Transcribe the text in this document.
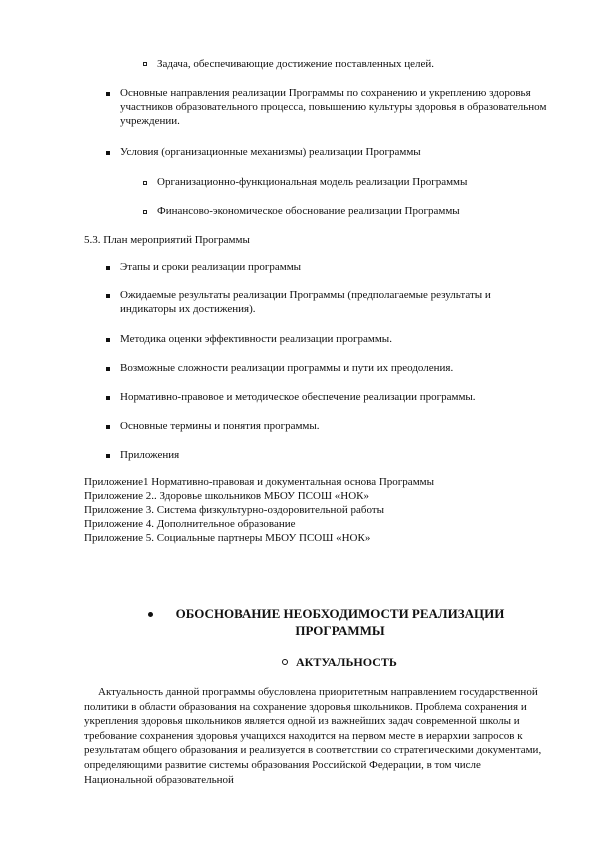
Задача, обеспечивающие достижение поставленных целей.
Основные направления реализации Программы по сохранению и укреплению здоровья участников образовательного процесса, повышению культуры здоровья в образовательном учреждении.
Условия (организационные механизмы) реализации Программы
Организационно-функциональная модель реализации Программы
Финансово-экономическое обоснование реализации Программы
5.3. План мероприятий Программы
Этапы и сроки реализации программы
Ожидаемые результаты реализации Программы (предполагаемые результаты и индикаторы их достижения).
Методика оценки эффективности реализации программы.
Возможные сложности реализации программы и пути их преодоления.
Нормативно-правовое и методическое обеспечение реализации программы.
Основные термины и понятия программы.
Приложения
Приложение1 Нормативно-правовая и документальная основа Программы
Приложение 2.. Здоровье школьников МБОУ ПСОШ «НОК»
Приложение 3. Система физкультурно-оздоровительной работы
Приложение 4. Дополнительное образование
Приложение 5. Социальные партнеры МБОУ ПСОШ «НОК»
ОБОСНОВАНИЕ НЕОБХОДИМОСТИ РЕАЛИЗАЦИИ
ПРОГРАММЫ
АКТУАЛЬНОСТЬ
Актуальность данной программы обусловлена приоритетным направлением государственной политики в области образования на сохранение здоровья школьников. Проблема сохранения и укрепления здоровья школьников является одной из важнейших задач современной школы и требование сохранения здоровья учащихся находится на первом месте в иерархии запросов к результатам общего образования и реализуется в соответствии со стратегическими документами, определяющими развитие системы образования Российской Федерации, в том числе Национальной образовательной
